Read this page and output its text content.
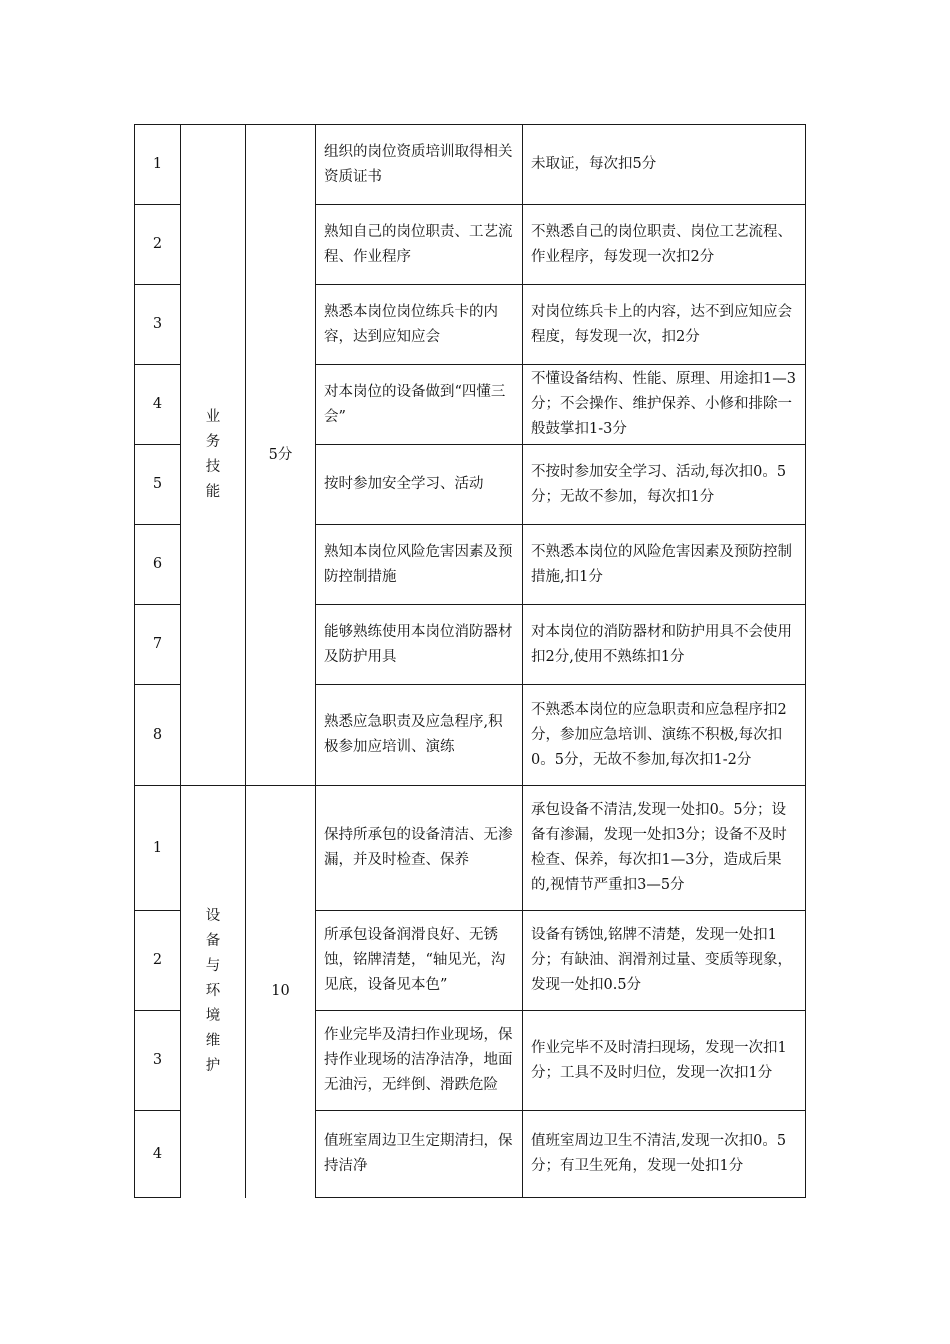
1	业务技能	5分	组织的岗位资质培训取得相关资质证书	未取证，每次扣5分
2			熟知自己的岗位职责、工艺流程、作业程序	不熟悉自己的岗位职责、岗位工艺流程、作业程序，每发现一次扣2分
3			熟悉本岗位岗位练兵卡的内容，达到应知应会	对岗位练兵卡上的内容，达不到应知应会程度，每发现一次，扣2分
4			对本岗位的设备做到“四懂三会”	不懂设备结构、性能、原理、用途扣1—3分；不会操作、维护保养、小修和排除一般鼓掌扣1-3分
5			按时参加安全学习、活动	不按时参加安全学习、活动,每次扣0。5分；无故不参加，每次扣1分
6			熟知本岗位风险危害因素及预防控制措施	不熟悉本岗位的风险危害因素及预防控制措施,扣1分
7			能够熟练使用本岗位消防器材及防护用具	对本岗位的消防器材和防护用具不会使用扣2分,使用不熟练扣1分
8			熟悉应急职责及应急程序,积极参加应培训、演练	不熟悉本岗位的应急职责和应急程序扣2分，参加应急培训、演练不积极,每次扣0。5分，无故不参加,每次扣1-2分
1	设备与环境维护	10	保持所承包的设备清洁、无渗漏，并及时检查、保养	承包设备不清洁,发现一处扣0。5分；设备有渗漏，发现一处扣3分；设备不及时检查、保养，每次扣1—3分，造成后果的,视情节严重扣3—5分
2			所承包设备润滑良好、无锈蚀，铭牌清楚，“轴见光，沟见底，设备见本色”	设备有锈蚀,铭牌不清楚，发现一处扣1分；有缺油、润滑剂过量、变质等现象，发现一处扣0.5分
3			作业完毕及清扫作业现场，保持作业现场的洁净洁净，地面无油污，无绊倒、滑跌危险	作业完毕不及时清扫现场，发现一次扣1分；工具不及时归位，发现一次扣1分
4			值班室周边卫生定期清扫，保持洁净	值班室周边卫生不清洁,发现一次扣0。5分；有卫生死角，发现一处扣1分
